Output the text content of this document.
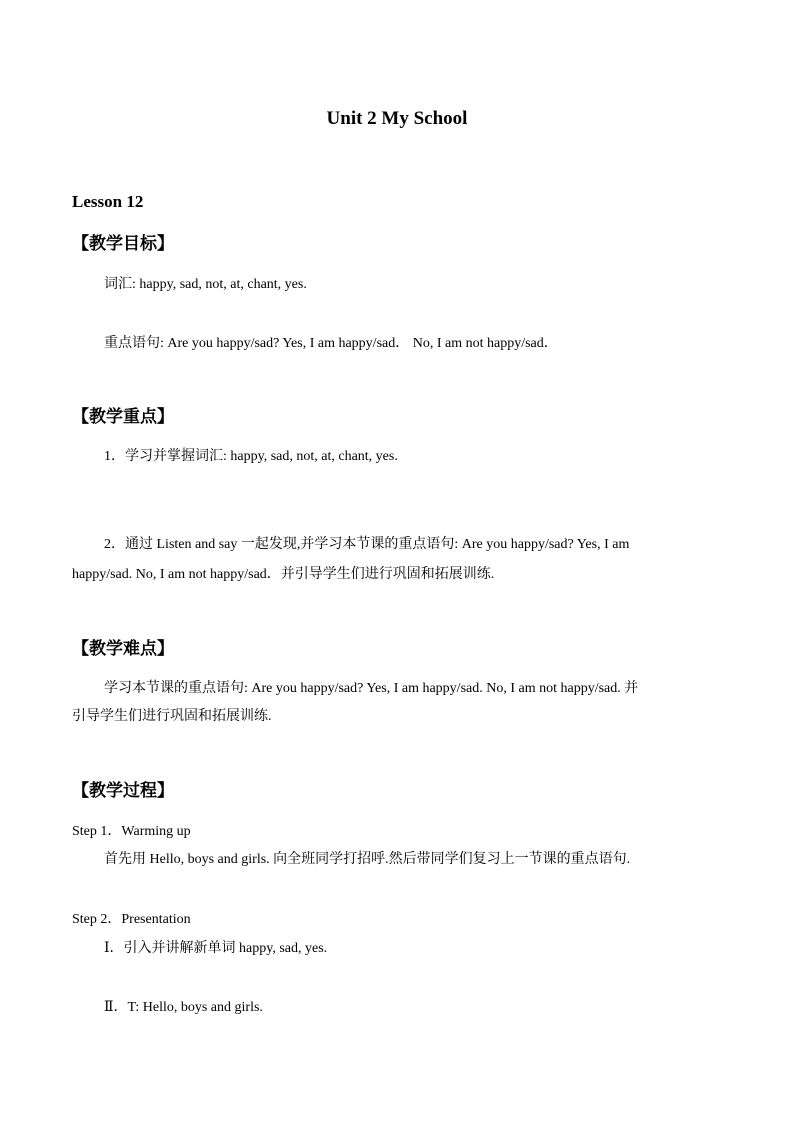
Unit 2 My School
Lesson 12
【教学目标】
词汇: happy, sad, not, at, chant, yes.
重点语句: Are you happy/sad? Yes, I am happy/sad． No, I am not happy/sad．
【教学重点】
1．学习并掌握词汇: happy, sad, not, at, chant, yes.
2．通过 Listen and say 一起发现,并学习本节课的重点语句: Are you happy/sad? Yes, I am
happy/sad. No, I am not happy/sad．并引导学生们进行巩固和拓展训练.
【教学难点】
学习本节课的重点语句: Are you happy/sad? Yes, I am happy/sad. No, I am not happy/sad. 并
引导学生们进行巩固和拓展训练.
【教学过程】
Step 1．Warming up
首先用 Hello, boys and girls. 向全班同学打招呼.然后带同学们复习上一节课的重点语句.
Step 2．Presentation
Ⅰ．引入并讲解新单词 happy, sad, yes.
Ⅱ．T: Hello, boys and girls.
